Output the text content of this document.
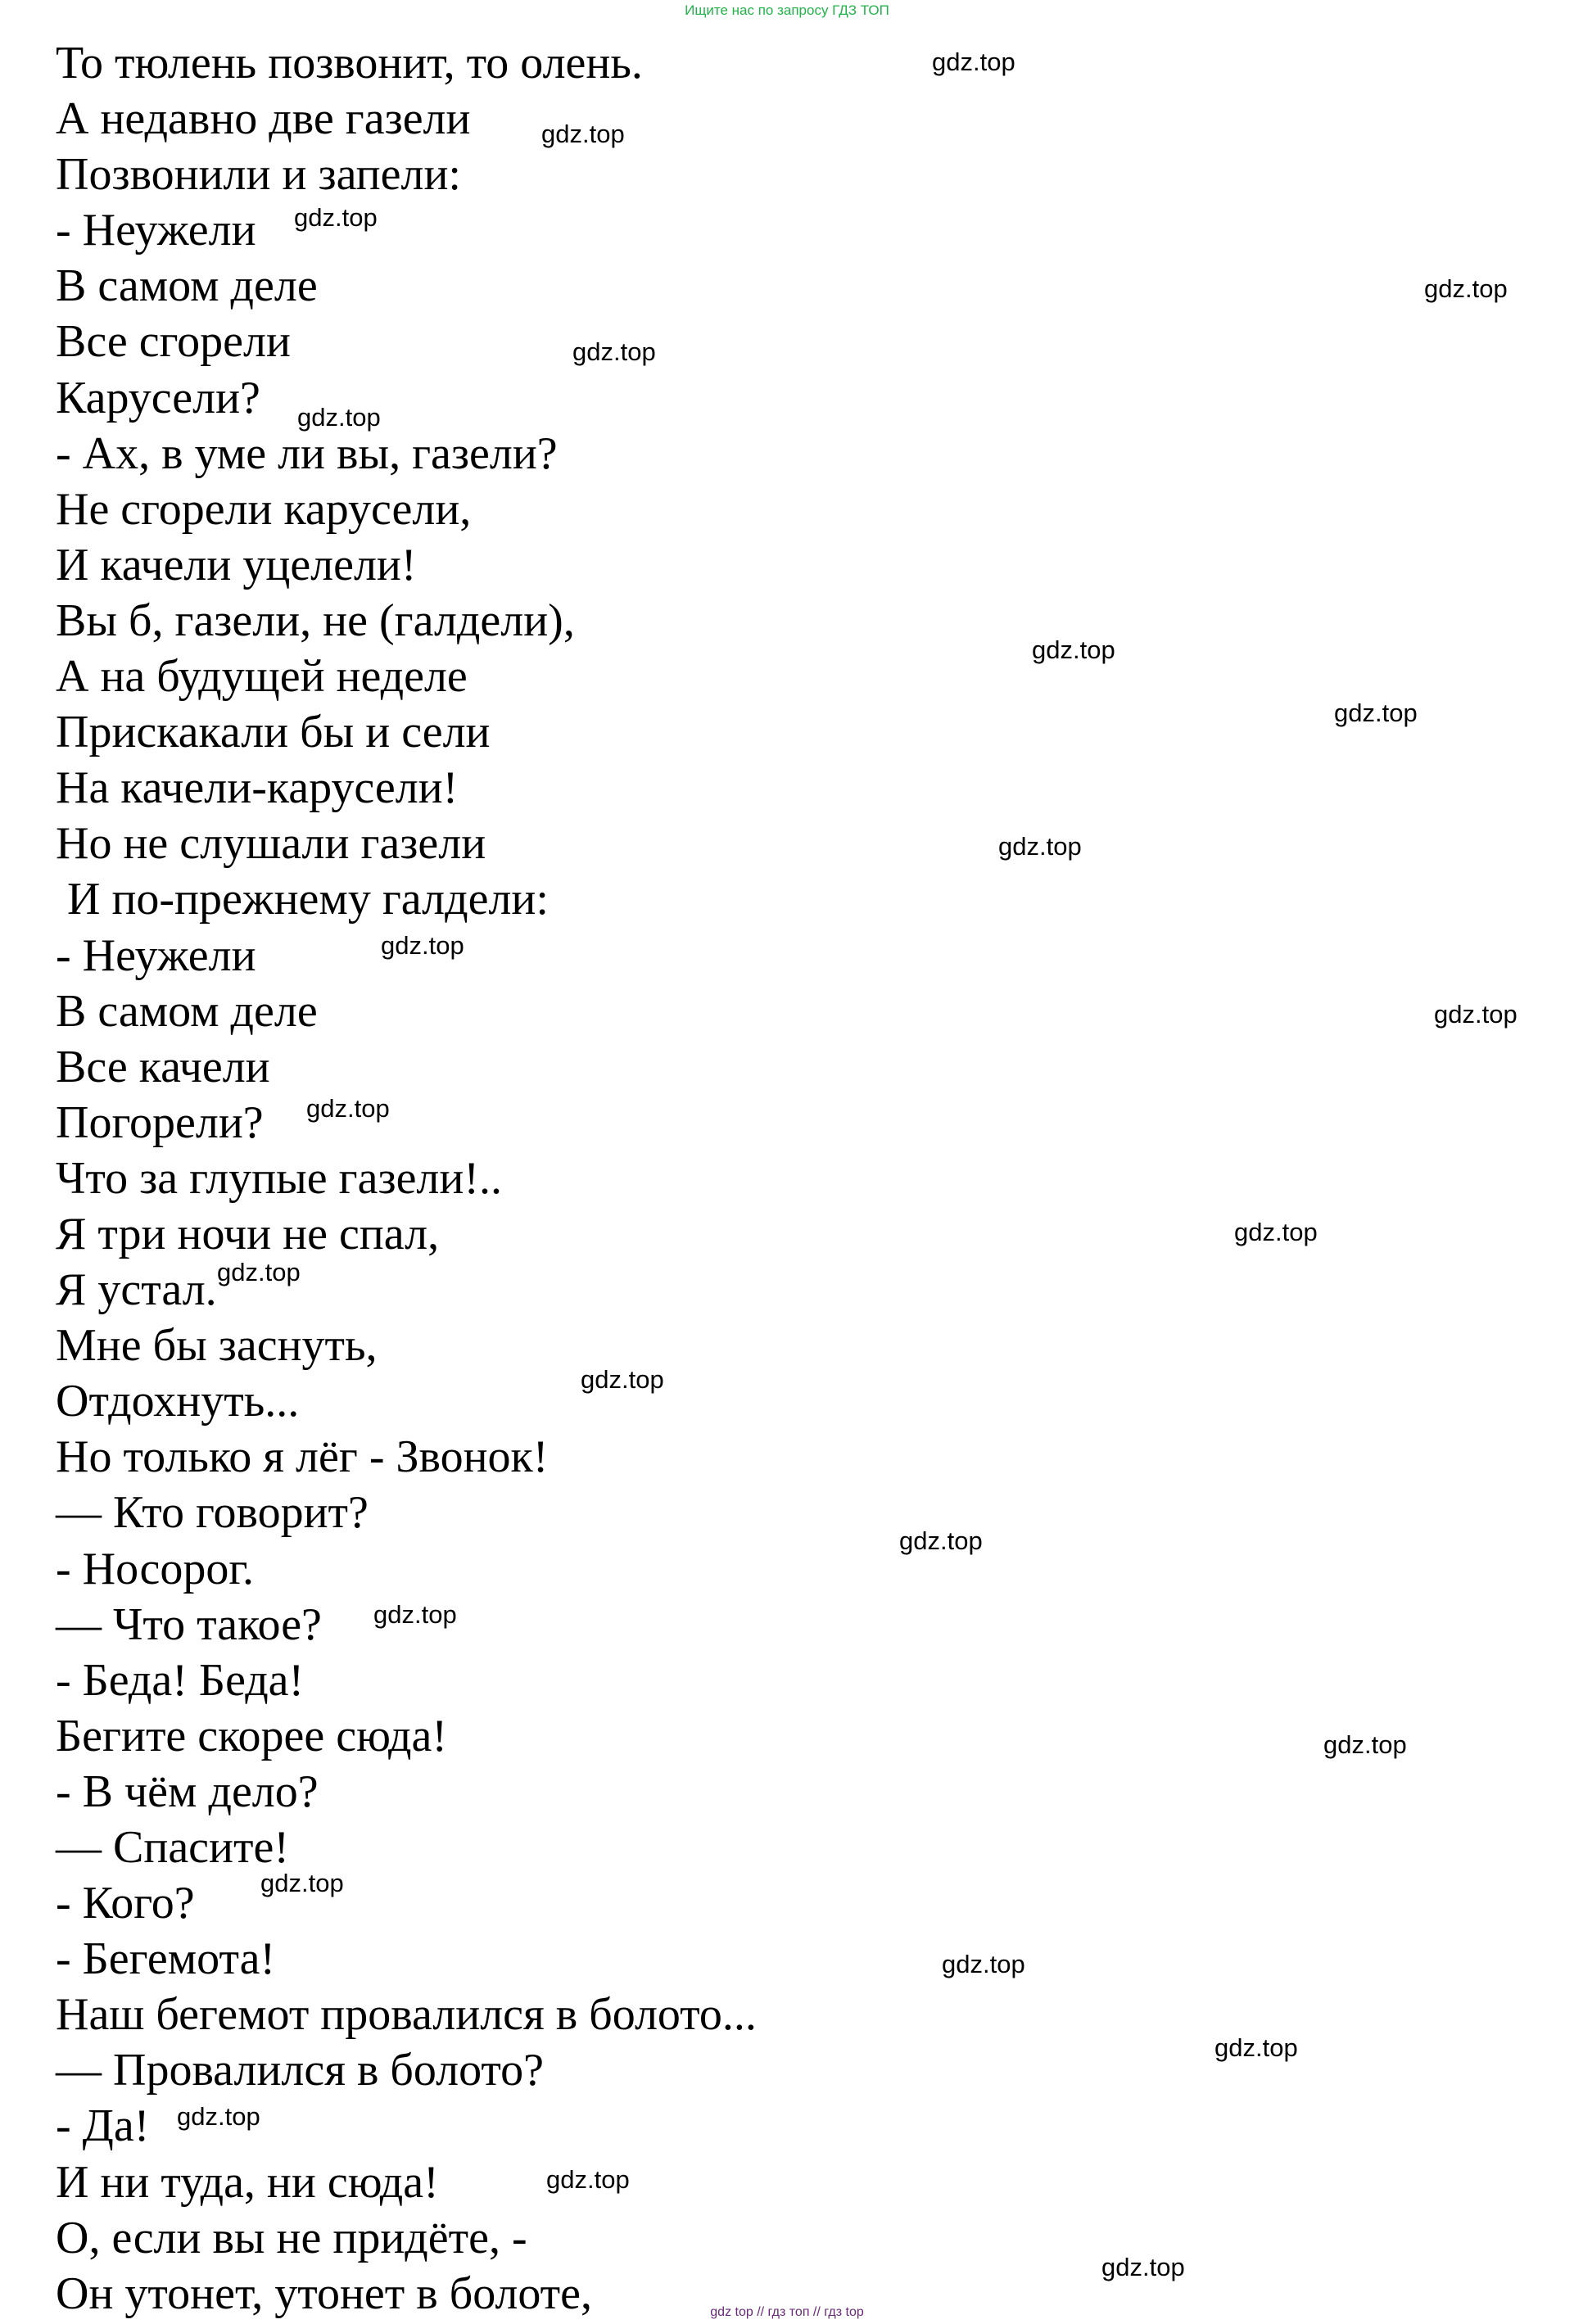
Ищите нас по запросу ГДЗ ТОП
То тюлень позвонит, то олень.
А недавно две газели
Позвонили и запели:
- Неужели
В самом деле
Все сгорели
Карусели?
- Ах, в уме ли вы, газели?
Не сгорели карусели,
И качели уцелели!
Вы б, газели, не (галдели),
А на будущей неделе
Прискакали бы и сели
На качели-карусели!
Но не слушали газели
И по-прежнему галдели:
- Неужели
В самом деле
Все качели
Погорели?
Что за глупые газели!..
Я три ночи не спал,
Я устал.
Мне бы заснуть,
Отдохнуть...
Но только я лёг - Звонок!
— Кто говорит?
- Носорог.
— Что такое?
- Беда! Беда!
Бегите скорее сюда!
- В чём дело?
— Спасите!
- Кого?
- Бегемота!
Наш бегемот провалился в болото...
— Провалился в болото?
- Да!
И ни туда, ни сюда!
О, если вы не придёте, -
Он утонет, утонет в болоте,
gdz.top
gdz.top
gdz.top
gdz.top
gdz.top
gdz.top
gdz.top
gdz.top
gdz.top
gdz.top
gdz.top
gdz.top
gdz.top
gdz.top
gdz.top
gdz.top
gdz.top
gdz.top
gdz.top
gdz.top
gdz.top
gdz.top
gdz.top
gdz.top
gdz top // гдз топ // гдз top
